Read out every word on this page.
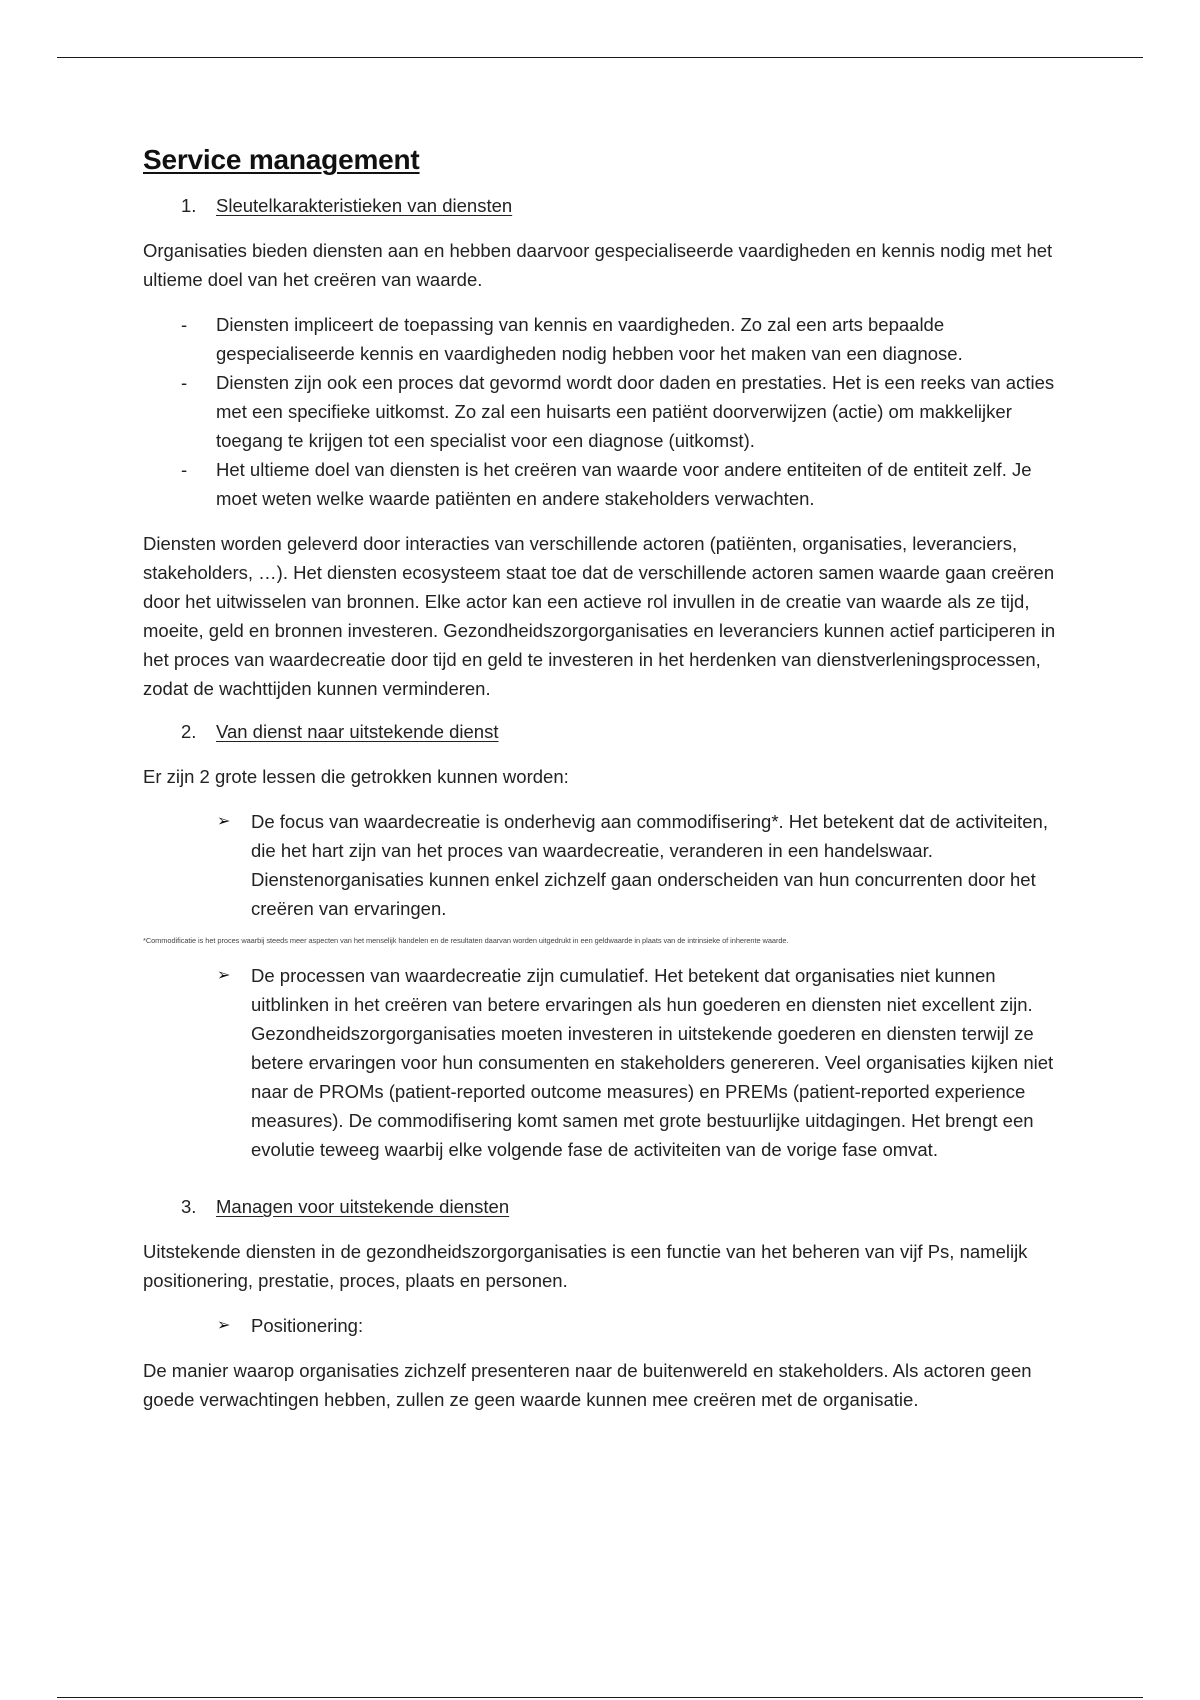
Service management
1. Sleutelkarakteristieken van diensten

Organisaties bieden diensten aan en hebben daarvoor gespecialiseerde vaardigheden en kennis nodig met het ultieme doel van het creëren van waarde.

- Diensten impliceert de toepassing van kennis en vaardigheden. Zo zal een arts bepaalde gespecialiseerde kennis en vaardigheden nodig hebben voor het maken van een diagnose.
- Diensten zijn ook een proces dat gevormd wordt door daden en prestaties. Het is een reeks van acties met een specifieke uitkomst. Zo zal een huisarts een patiënt doorverwijzen (actie) om makkelijker toegang te krijgen tot een specialist voor een diagnose (uitkomst).
- Het ultieme doel van diensten is het creëren van waarde voor andere entiteiten of de entiteit zelf. Je moet weten welke waarde patiënten en andere stakeholders verwachten.

Diensten worden geleverd door interacties van verschillende actoren (patiënten, organisaties, leveranciers, stakeholders, …). Het diensten ecosysteem staat toe dat de verschillende actoren samen waarde gaan creëren door het uitwisselen van bronnen. Elke actor kan een actieve rol invullen in de creatie van waarde als ze tijd, moeite, geld en bronnen investeren. Gezondheidszorgorganisaties en leveranciers kunnen actief participeren in het proces van waardecreatie door tijd en geld te investeren in het herdenken van dienstverleningsprocessen, zodat de wachttijden kunnen verminderen.

2. Van dienst naar uitstekende dienst

Er zijn 2 grote lessen die getrokken kunnen worden:

➢ De focus van waardecreatie is onderhevig aan commodifisering*. Het betekent dat de activiteiten, die het hart zijn van het proces van waardecreatie, veranderen in een handelswaar. Dienstenorganisaties kunnen enkel zichzelf gaan onderscheiden van hun concurrenten door het creëren van ervaringen.

*Commodificatie is het proces waarbij steeds meer aspecten van het menselijk handelen en de resultaten daarvan worden uitgedrukt in een geldwaarde in plaats van de intrinsieke of inherente waarde.

➢ De processen van waardecreatie zijn cumulatief. Het betekent dat organisaties niet kunnen uitblinken in het creëren van betere ervaringen als hun goederen en diensten niet excellent zijn. Gezondheidszorgorganisaties moeten investeren in uitstekende goederen en diensten terwijl ze betere ervaringen voor hun consumenten en stakeholders genereren. Veel organisaties kijken niet naar de PROMs (patient-reported outcome measures) en PREMs (patient-reported experience measures). De commodifisering komt samen met grote bestuurlijke uitdagingen. Het brengt een evolutie teweeg waarbij elke volgende fase de activiteiten van de vorige fase omvat.
3. Managen voor uitstekende diensten

Uitstekende diensten in de gezondheidszorgorganisaties is een functie van het beheren van vijf Ps, namelijk positionering, prestatie, proces, plaats en personen.

➢ Positionering:

De manier waarop organisaties zichzelf presenteren naar de buitenwereld en stakeholders. Als actoren geen goede verwachtingen hebben, zullen ze geen waarde kunnen mee creëren met de organisatie.
